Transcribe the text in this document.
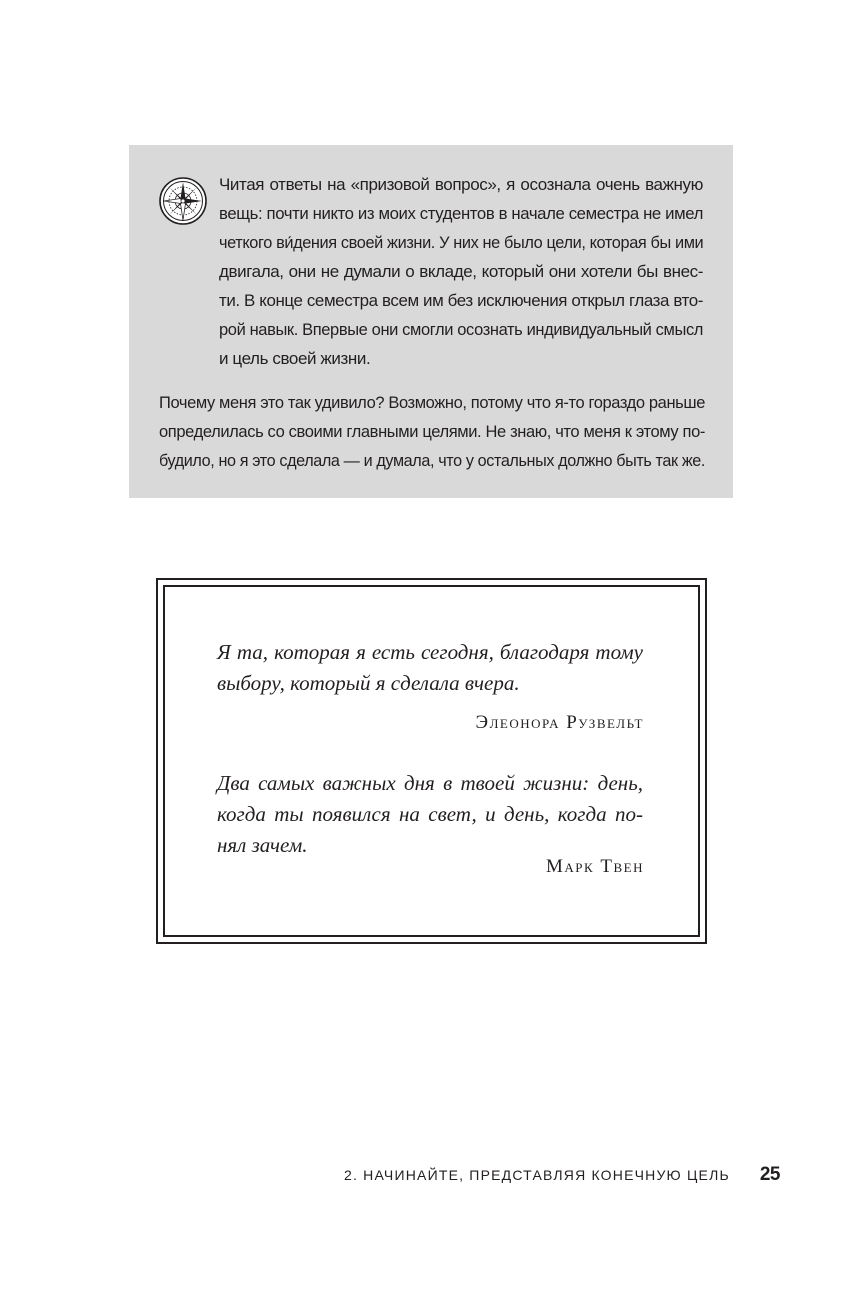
Читая ответы на «призовой вопрос», я осознала очень важную
вещь: почти никто из моих студентов в начале семестра не имел
четкого ви́дения своей жизни. У них не было цели, которая бы ими
двигала, они не думали о вкладе, который они хотели бы внес-
ти. В конце семестра всем им без исключения открыл глаза вто-
рой навык. Впервые они смогли осознать индивидуальный смысл
и цель своей жизни.
Почему меня это так удивило? Возможно, потому что я-то гораздо раньше
определилась со своими главными целями. Не знаю, что меня к этому по-
будило, но я это сделала — и думала, что у остальных должно быть так же.
Я та, которая я есть сегодня, благодаря тому
выбору, который я сделала вчера.
Элеонора Рузвельт
Два самых важных дня в твоей жизни: день,
когда ты появился на свет, и день, когда по-
нял зачем.
Марк Твен
2. НАЧИНАЙТЕ, ПРЕДСТАВЛЯЯ КОНЕЧНУЮ ЦЕЛЬ 25
